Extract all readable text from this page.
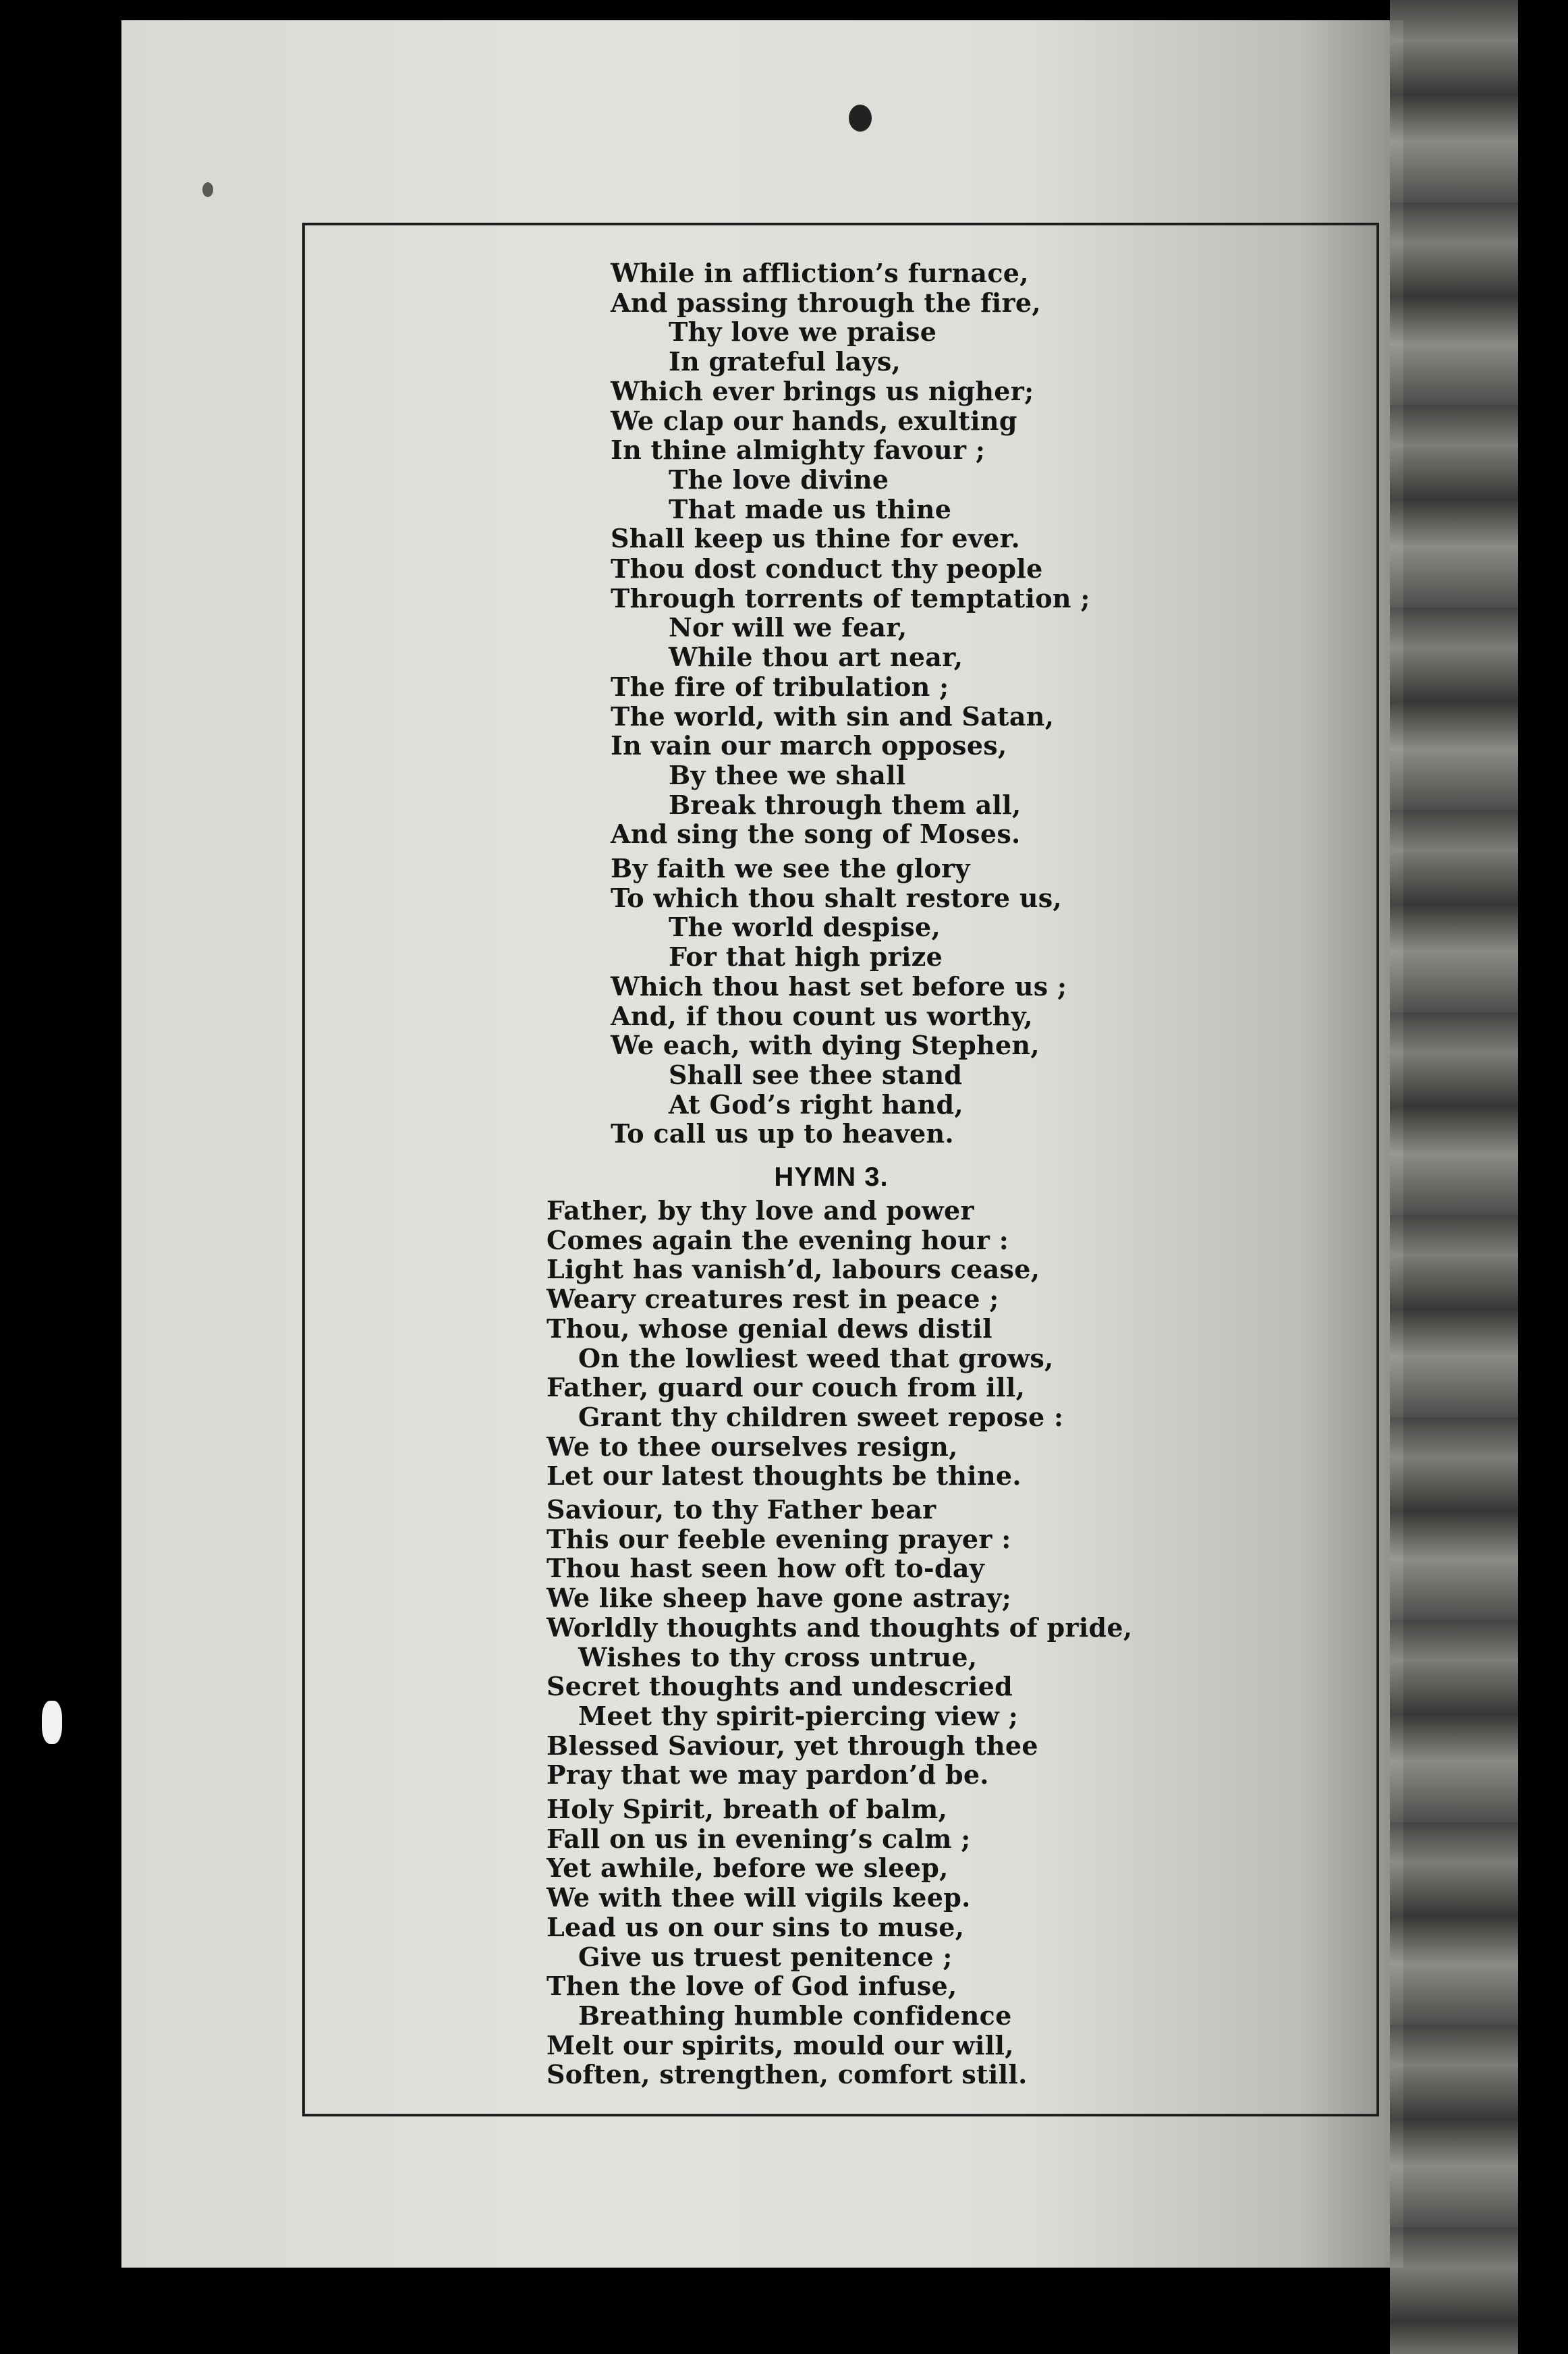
While in affliction’s furnace,
And passing through the fire,
Thy love we praise
In grateful lays,
Which ever brings us nigher;
We clap our hands, exulting
In thine almighty favour ;
The love divine
That made us thine
Shall keep us thine for ever.
Thou dost conduct thy people
Through torrents of temptation ;
Nor will we fear,
While thou art near,
The fire of tribulation ;
The world, with sin and Satan,
In vain our march opposes,
By thee we shall
Break through them all,
And sing the song of Moses.
By faith we see the glory
To which thou shalt restore us,
The world despise,
For that high prize
Which thou hast set before us ;
And, if thou count us worthy,
We each, with dying Stephen,
Shall see thee stand
At God’s right hand,
To call us up to heaven.
HYMN 3.
Father, by thy love and power
Comes again the evening hour :
Light has vanish’d, labours cease,
Weary creatures rest in peace ;
Thou, whose genial dews distil
On the lowliest weed that grows,
Father, guard our couch from ill,
Grant thy children sweet repose :
We to thee ourselves resign,
Let our latest thoughts be thine.
Saviour, to thy Father bear
This our feeble evening prayer :
Thou hast seen how oft to-day
We like sheep have gone astray;
Worldly thoughts and thoughts of pride,
Wishes to thy cross untrue,
Secret thoughts and undescried
Meet thy spirit-piercing view ;
Blessed Saviour, yet through thee
Pray that we may pardon’d be.
Holy Spirit, breath of balm,
Fall on us in evening’s calm ;
Yet awhile, before we sleep,
We with thee will vigils keep.
Lead us on our sins to muse,
Give us truest penitence ;
Then the love of God infuse,
Breathing humble confidence
Melt our spirits, mould our will,
Soften, strengthen, comfort still.
